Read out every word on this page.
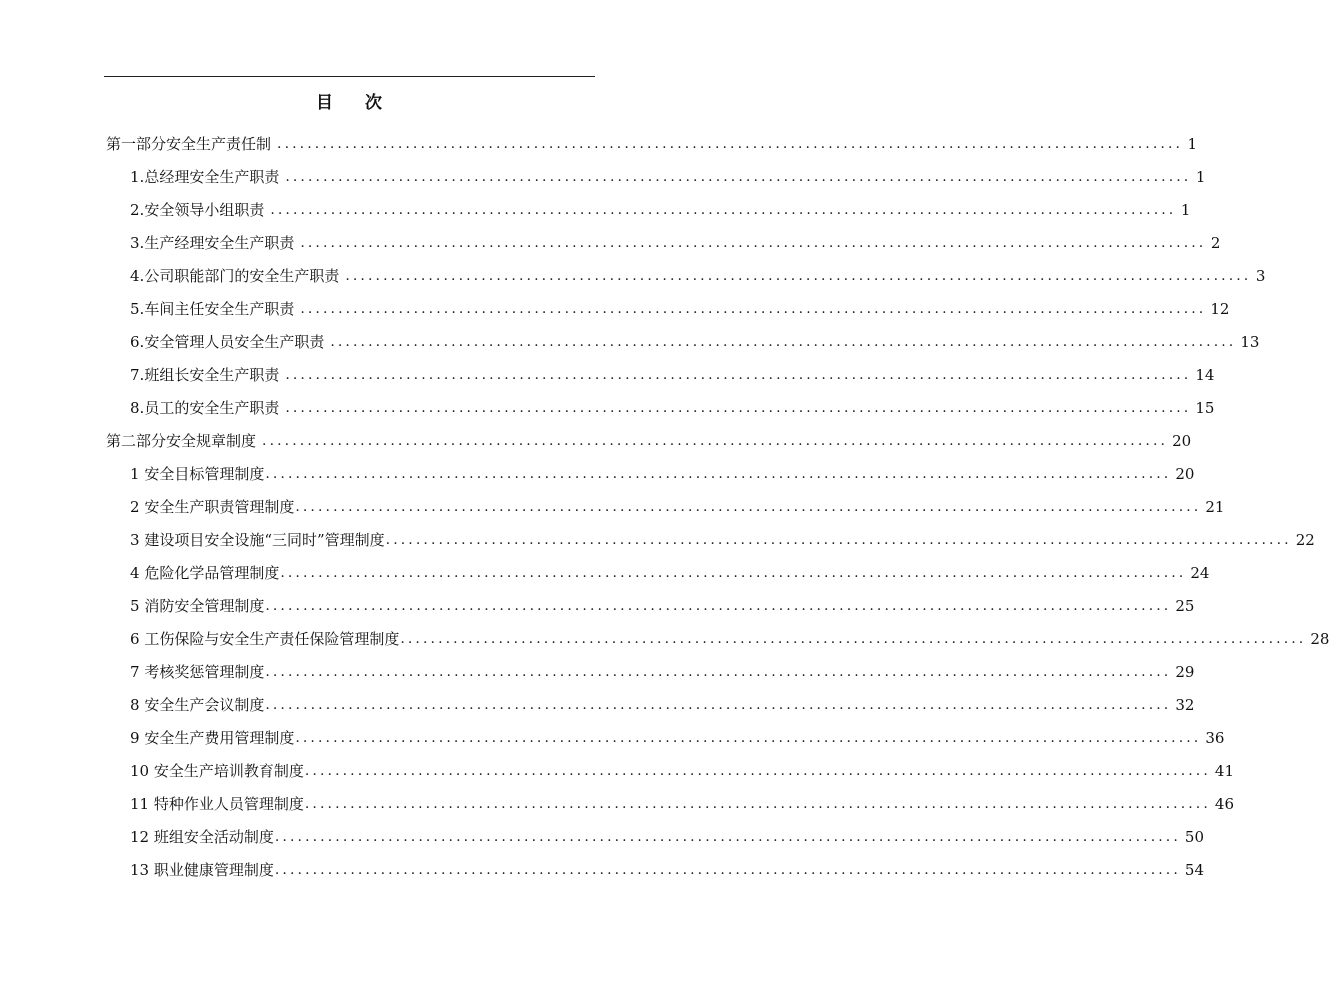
目 次
第一部分 安全生产责任制 ........................................................................................................................ 1
1. 总经理安全生产职责 ........................................................................................................................ 1
2. 安全领导小组职责 ........................................................................................................................ 1
3. 生产经理安全生产职责 ........................................................................................................................ 2
4. 公司职能部门的安全生产职责 ........................................................................................................................ 3
5. 车间主任安全生产职责 ........................................................................................................................ 12
6. 安全管理人员安全生产职责 ........................................................................................................................ 13
7. 班组长安全生产职责 ........................................................................................................................ 14
8. 员工的安全生产职责 ........................................................................................................................ 15
第二部分 安全规章制度 ........................................................................................................................ 20
1 安全目标管理制度 ........................................................................................................................ 20
2 安全生产职责管理制度 ........................................................................................................................ 21
3 建设项目安全设施“三同时”管理制度 ........................................................................................................................ 22
4 危险化学品管理制度 ........................................................................................................................ 24
5 消防安全管理制度 ........................................................................................................................ 25
6 工伤保险与安全生产责任保险管理制度 ........................................................................................................................ 28
7 考核奖惩管理制度 ........................................................................................................................ 29
8 安全生产会议制度 ........................................................................................................................ 32
9 安全生产费用管理制度 ........................................................................................................................ 36
10 安全生产培训教育制度 ........................................................................................................................ 41
11 特种作业人员管理制度 ........................................................................................................................ 46
12 班组安全活动制度 ........................................................................................................................ 50
13 职业健康管理制度 ........................................................................................................................ 54
